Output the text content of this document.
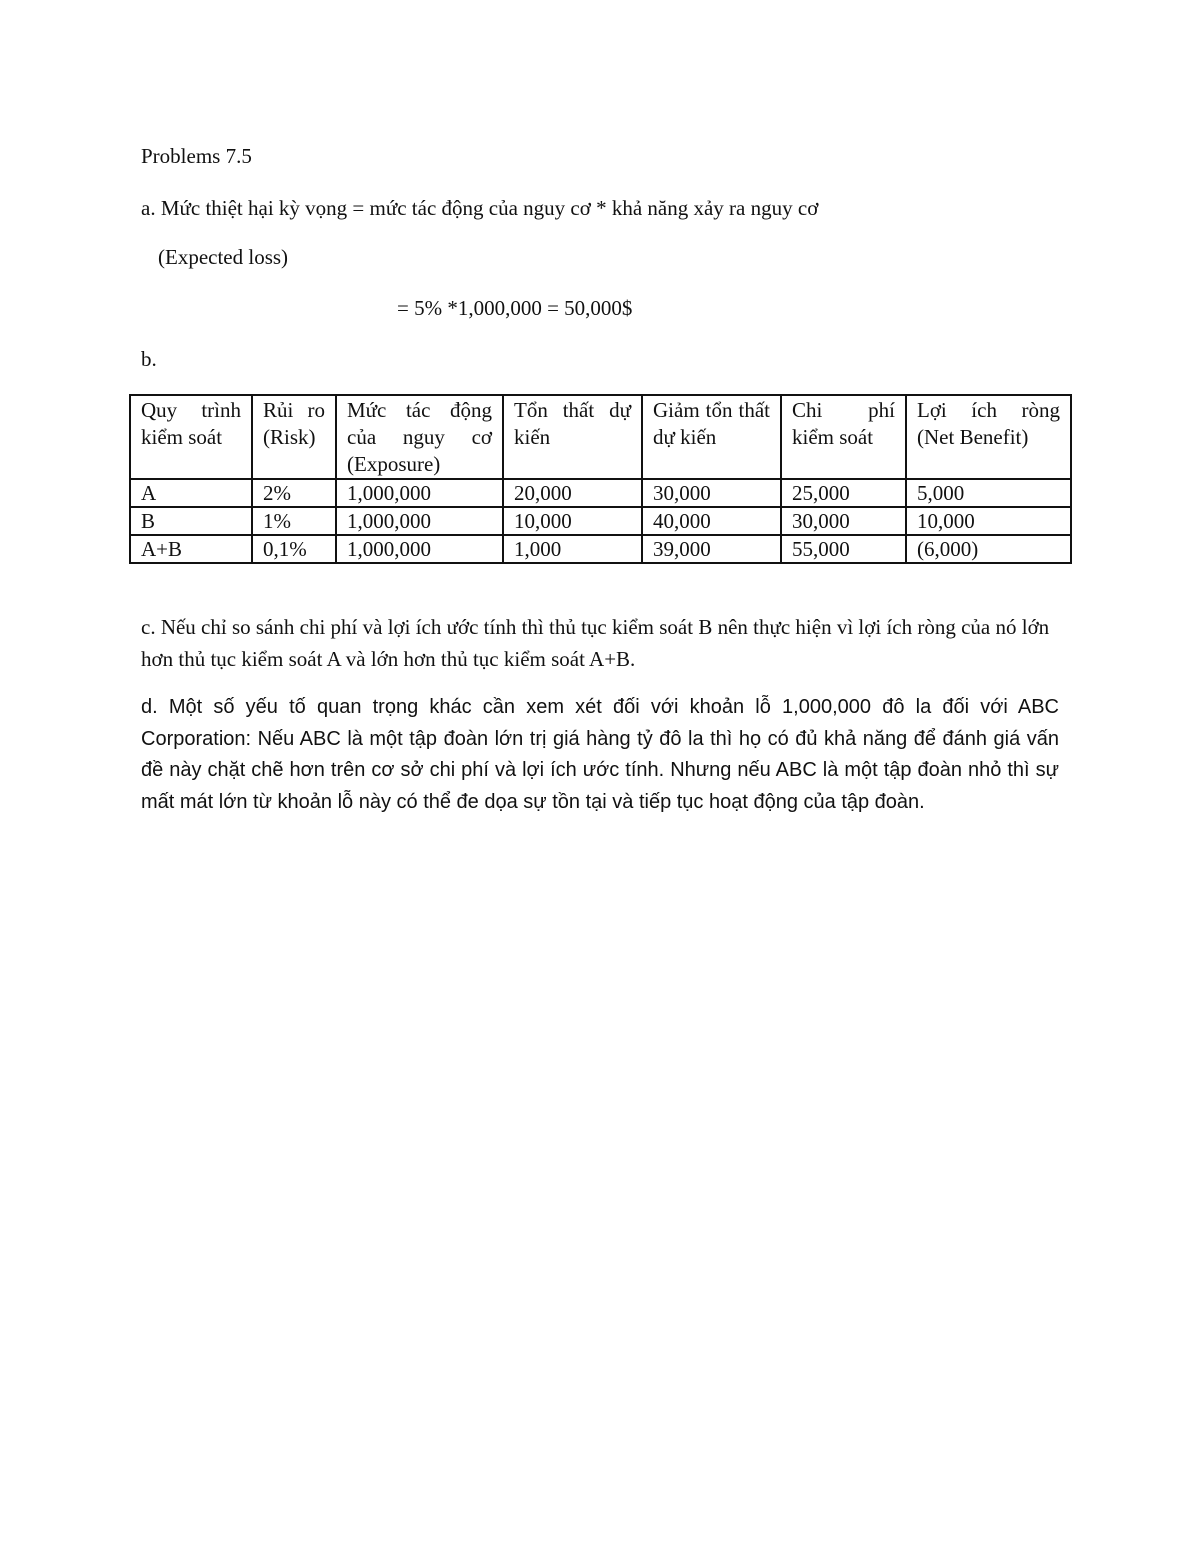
Problems 7.5
a. Mức thiệt hại kỳ vọng = mức tác động của nguy cơ * khả năng xảy ra nguy cơ
(Expected loss)
= 5% *1,000,000 = 50,000$
b.
Quy trình kiểm soát	Rủi ro (Risk)	Mức tác động của nguy cơ (Exposure)	Tổn thất dự kiến	Giảm tổn thất dự kiến	Chi phí kiểm soát	Lợi ích ròng (Net Benefit)

A	2%	1,000,000	20,000	30,000	25,000	5,000
B	1%	1,000,000	10,000	40,000	30,000	10,000
A+B	0,1%	1,000,000	1,000	39,000	55,000	(6,000)
c. Nếu chỉ so sánh chi phí và lợi ích ước tính thì thủ tục kiểm soát B nên thực hiện vì lợi ích ròng của nó lớn hơn thủ tục kiểm soát A và lớn hơn thủ tục kiểm soát A+B.
d. Một số yếu tố quan trọng khác cần xem xét đối với khoản lỗ 1,000,000 đô la đối với ABC Corporation: Nếu ABC là một tập đoàn lớn trị giá hàng tỷ đô la thì họ có đủ khả năng để đánh giá vấn đề này chặt chẽ hơn trên cơ sở chi phí và lợi ích ước tính. Nhưng nếu ABC là một tập đoàn nhỏ thì sự mất mát lớn từ khoản lỗ này có thể đe dọa sự tồn tại và tiếp tục hoạt động của tập đoàn.
